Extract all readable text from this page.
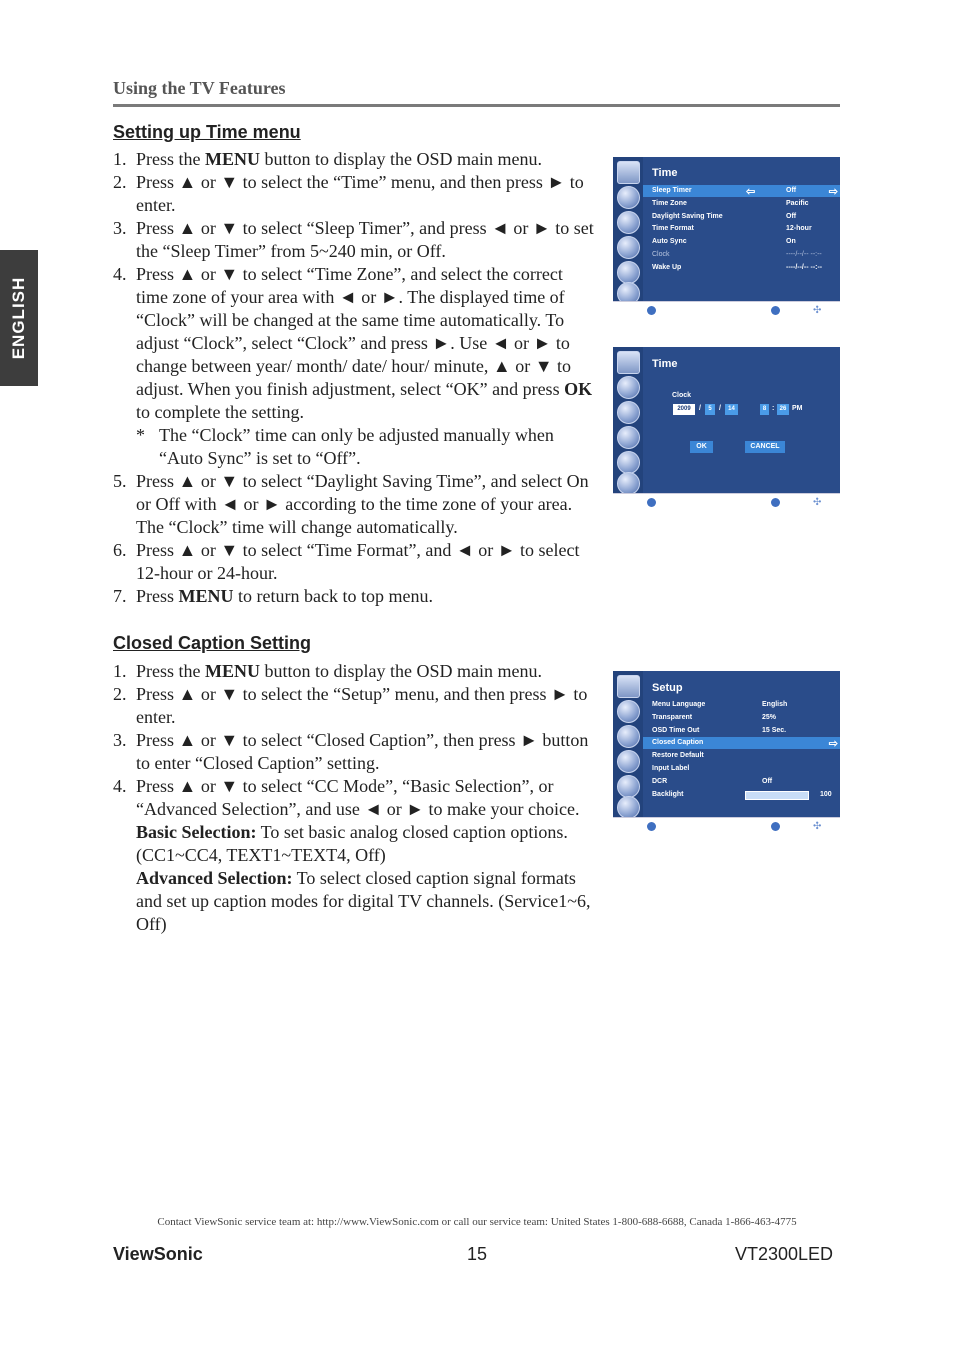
Using the TV Features
ENGLISH
Setting up Time menu
1. Press the MENU button to display the OSD main menu.
2. Press ▲ or ▼ to select the “Time” menu, and then press ► to enter.
3. Press ▲ or ▼ to select “Sleep Timer”, and press ◄ or ► to set the “Sleep Timer” from 5~240 min, or Off.
4. Press ▲ or ▼ to select “Time Zone”, and select the correct time zone of your area with ◄ or ►. The displayed time of “Clock” will be changed at the same time automatically. To adjust “Clock”, select “Clock” and press ►. Use ◄ or ► to change between year/ month/ date/ hour/ minute, ▲ or ▼ to adjust. When you finish adjustment, select “OK” and press OK to complete the setting.
* The “Clock” time can only be adjusted manually when “Auto Sync” is set to “Off”.
5. Press ▲ or ▼ to select “Daylight Saving Time”, and select On or Off with ◄ or ► according to the time zone of your area. The “Clock” time will change automatically.
6. Press ▲ or ▼ to select “Time Format”, and ◄ or ► to select 12-hour or 24-hour.
7. Press MENU to return back to top menu.
Closed Caption Setting
1. Press the MENU button to display the OSD main menu.
2. Press ▲ or ▼ to select the “Setup” menu, and then press ► to enter.
3. Press ▲ or ▼ to select “Closed Caption”, then press ► button to enter “Closed Caption” setting.
4. Press ▲ or ▼ to select “CC Mode”, “Basic Selection”, or “Advanced Selection”, and use ◄ or ► to make your choice.
Basic Selection: To set basic analog closed caption options. (CC1~CC4, TEXT1~TEXT4, Off)
Advanced Selection: To select closed caption signal formats and set up caption modes for digital TV channels. (Service1~6, Off)
Time
Sleep Timer	Off
⇦	⇨
Time Zone	Pacific
Daylight Saving Time	Off
Time Format	12-hour
Auto Sync	On
Clock	----/--/-- --:--
Wake Up	----/--/-- --:--
✣
Time
Clock
2009	/	5	/	14	8 : 26 PM
OK	CANCEL
✣
Setup
Menu Language	English
Transparent	25%
OSD Time Out	15 Sec.
Closed Caption	⇨
Restore Default
Input Label
DCR	Off
Backlight	100
✣
Contact ViewSonic service team at: http://www.ViewSonic.com or call our service team: United States 1-800-688-6688, Canada 1-866-463-4775
ViewSonic	15	VT2300LED
